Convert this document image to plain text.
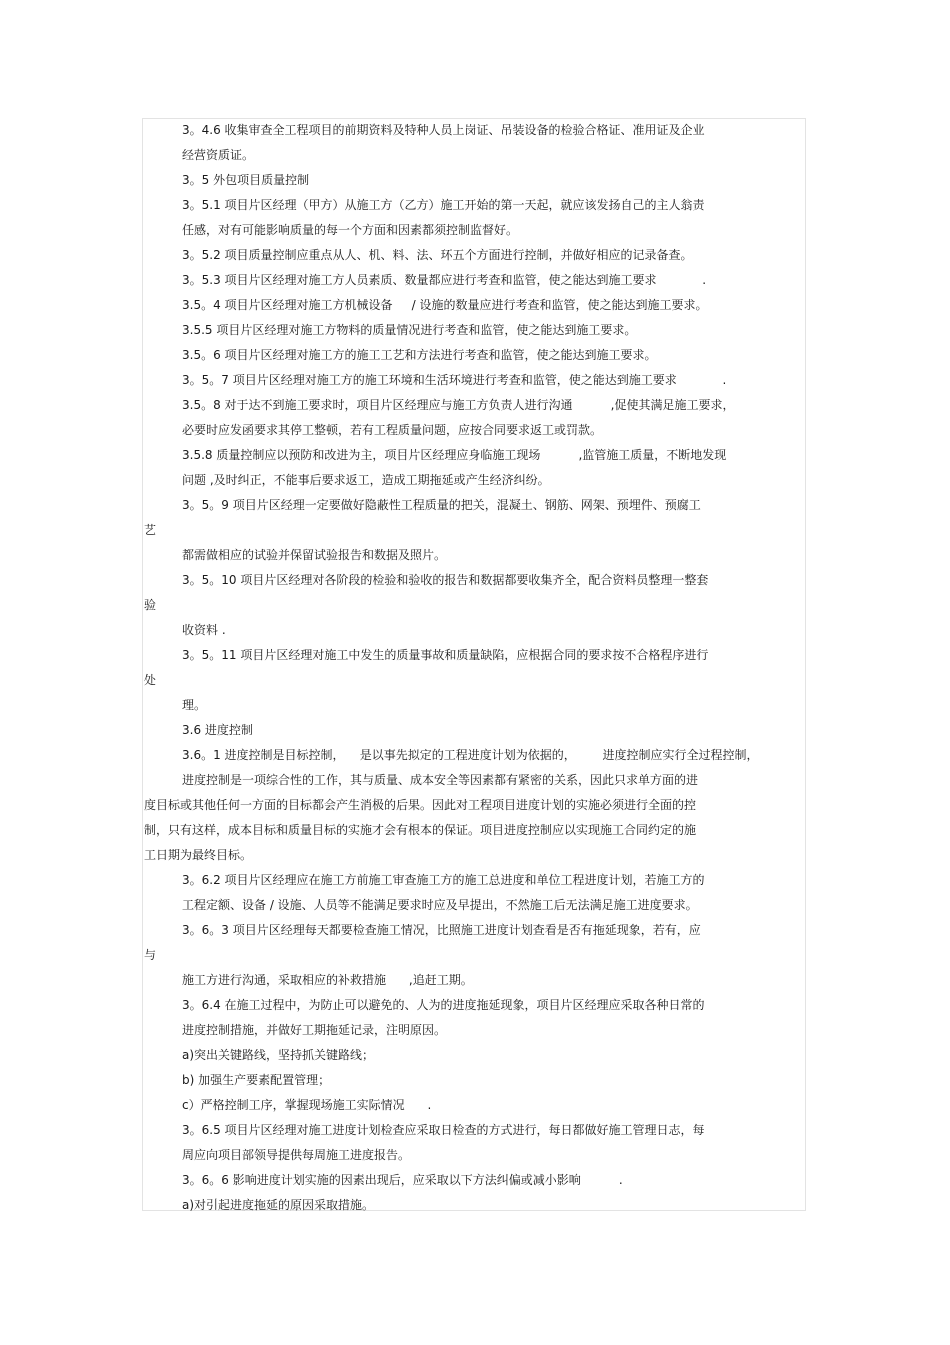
3。4.6 收集审查全工程项目的前期资料及特种人员上岗证、吊装设备的检验合格证、准用证及企业
经营资质证。
3。5 外包项目质量控制
3。5.1 项目片区经理（甲方）从施工方（乙方）施工开始的第一天起，就应该发扬自己的主人翁责
任感，对有可能影响质量的每一个方面和因素都须控制监督好。
3。5.2 项目质量控制应重点从人、机、料、法、环五个方面进行控制，并做好相应的记录备查。
3。5.3 项目片区经理对施工方人员素质、数量都应进行考查和监管，使之能达到施工要求            .
3.5。4 项目片区经理对施工方机械设备     / 设施的数量应进行考查和监管，使之能达到施工要求。
3.5.5 项目片区经理对施工方物料的质量情况进行考查和监管，使之能达到施工要求。
3.5。6 项目片区经理对施工方的施工工艺和方法进行考查和监管，使之能达到施工要求。
3。5。7 项目片区经理对施工方的施工环境和生活环境进行考查和监管，使之能达到施工要求            .
3.5。8 对于达不到施工要求时，项目片区经理应与施工方负责人进行沟通          ,促使其满足施工要求，
必要时应发函要求其停工整顿，若有工程质量问题，应按合同要求返工或罚款。
3.5.8 质量控制应以预防和改进为主，项目片区经理应身临施工现场          ,监管施工质量，不断地发现
问题 ,及时纠正，不能事后要求返工，造成工期拖延或产生经济纠纷。
3。5。9 项目片区经理一定要做好隐蔽性工程质量的把关，混凝土、钢筋、网架、预埋件、预腐工
艺
都需做相应的试验并保留试验报告和数据及照片。
3。5。10 项目片区经理对各阶段的检验和验收的报告和数据都要收集齐全，配合资料员整理一整套
验
收资料 .
3。5。11 项目片区经理对施工中发生的质量事故和质量缺陷，应根据合同的要求按不合格程序进行
处
理。
3.6 进度控制
3.6。1 进度控制是目标控制，    是以事先拟定的工程进度计划为依据的，       进度控制应实行全过程控制，
进度控制是一项综合性的工作，其与质量、成本安全等因素都有紧密的关系，因此只求单方面的进
度目标或其他任何一方面的目标都会产生消极的后果。因此对工程项目进度计划的实施必须进行全面的控
制，只有这样，成本目标和质量目标的实施才会有根本的保证。项目进度控制应以实现施工合同约定的施
工日期为最终目标。
3。6.2 项目片区经理应在施工方前施工审查施工方的施工总进度和单位工程进度计划，若施工方的
工程定额、设备 / 设施、人员等不能满足要求时应及早提出，不然施工后无法满足施工进度要求。
3。6。3 项目片区经理每天都要检查施工情况，比照施工进度计划查看是否有拖延现象，若有，应
与
施工方进行沟通，采取相应的补救措施      ,追赶工期。
3。6.4 在施工过程中，为防止可以避免的、人为的进度拖延现象，项目片区经理应采取各种日常的
进度控制措施，并做好工期拖延记录，注明原因。
a)突出关键路线，坚持抓关键路线；
b) 加强生产要素配置管理；
c）严格控制工序，掌握现场施工实际情况      .
3。6.5 项目片区经理对施工进度计划检查应采取日检查的方式进行，每日都做好施工管理日志，每
周应向项目部领导提供每周施工进度报告。
3。6。6 影响进度计划实施的因素出现后，应采取以下方法纠偏或减小影响          .
a)对引起进度拖延的原因采取措施。
